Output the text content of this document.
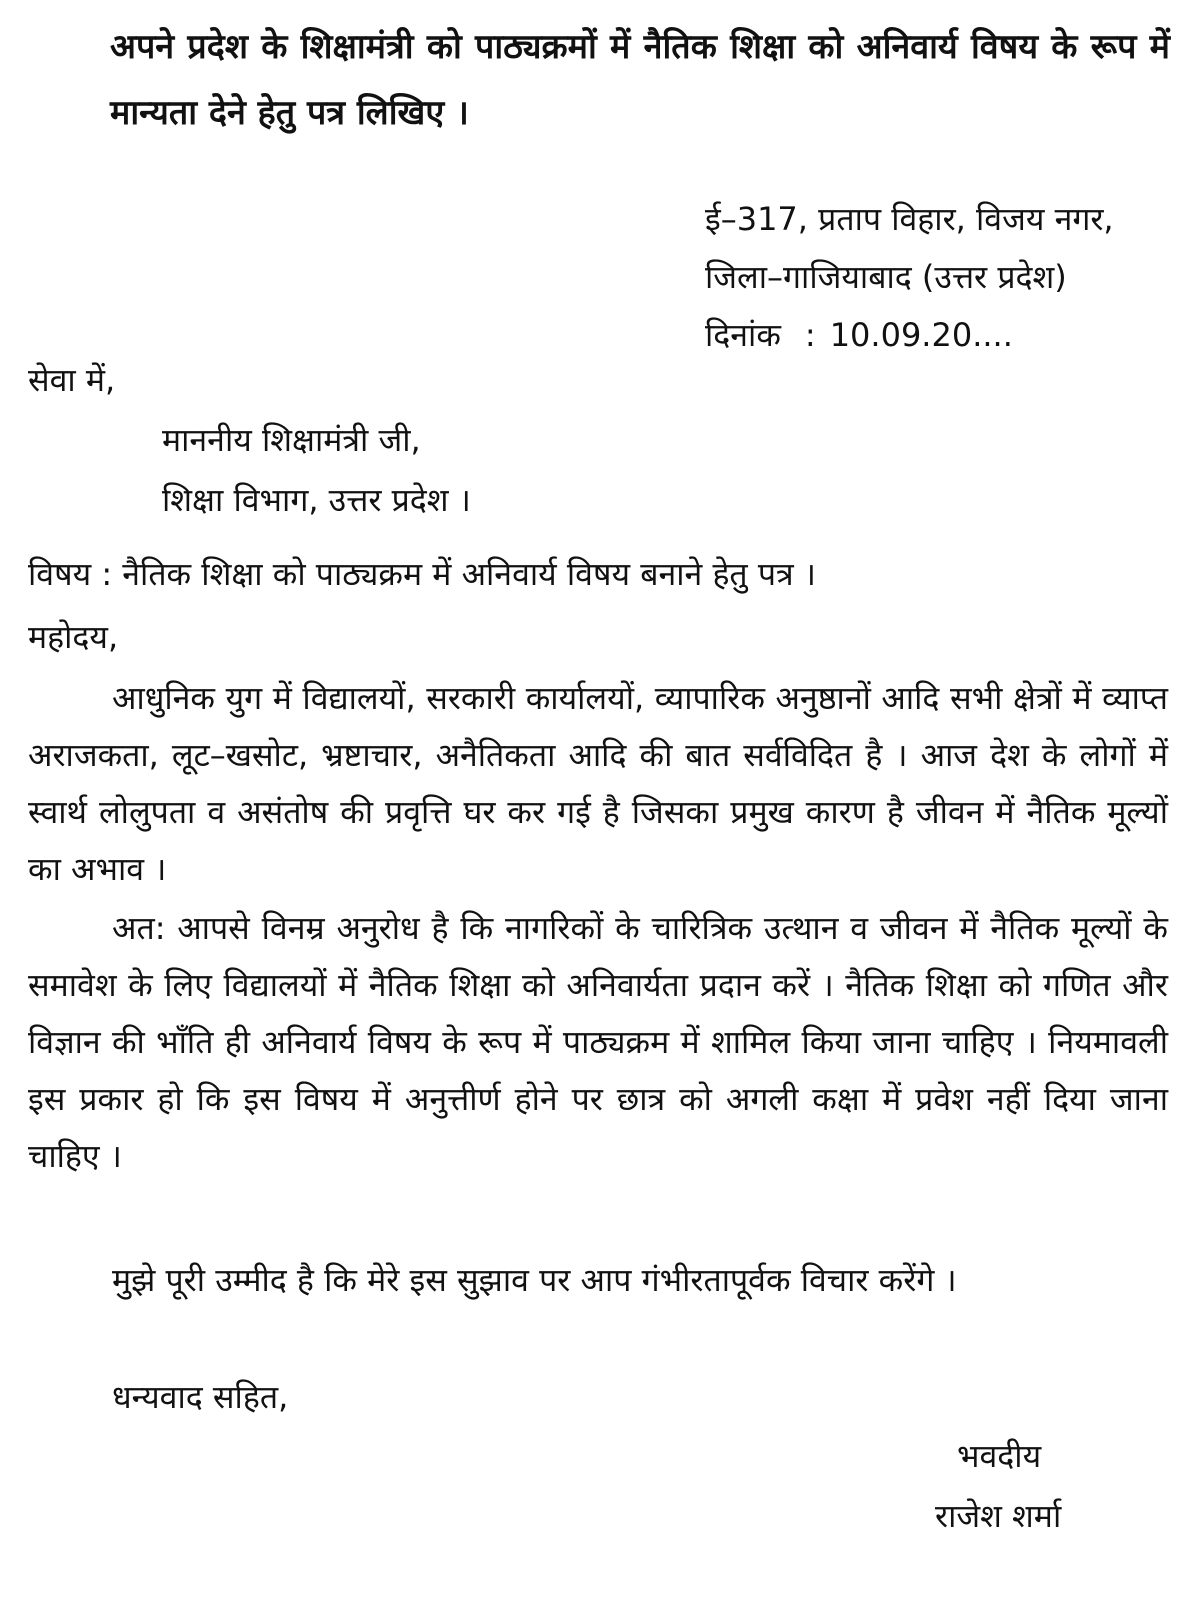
अपने प्रदेश के शिक्षामंत्री को पाठ्यक्रमों में नैतिक शिक्षा को अनिवार्य विषय के रूप में मान्यता देने हेतु पत्र लिखिए ।
ई–317, प्रताप विहार, विजय नगर,
जिला–गाजियाबाद (उत्तर प्रदेश)
दिनांक : 10.09.20....
सेवा में,
माननीय शिक्षामंत्री जी,
शिक्षा विभाग, उत्तर प्रदेश ।
विषय : नैतिक शिक्षा को पाठ्यक्रम में अनिवार्य विषय बनाने हेतु पत्र ।
महोदय,

आधुनिक युग में विद्यालयों, सरकारी कार्यालयों, व्यापारिक अनुष्ठानों आदि सभी क्षेत्रों में व्याप्त अराजकता, लूट–खसोट, भ्रष्टाचार, अनैतिकता आदि की बात सर्वविदित है । आज देश के लोगों में स्वार्थ लोलुपता व असंतोष की प्रवृत्ति घर कर गई है जिसका प्रमुख कारण है जीवन में नैतिक मूल्यों का अभाव ।

अत: आपसे विनम्र अनुरोध है कि नागरिकों के चारित्रिक उत्थान व जीवन में नैतिक मूल्यों के समावेश के लिए विद्यालयों में नैतिक शिक्षा को अनिवार्यता प्रदान करें । नैतिक शिक्षा को गणित और विज्ञान की भाँति ही अनिवार्य विषय के रूप में पाठ्यक्रम में शामिल किया जाना चाहिए । नियमावली इस प्रकार हो कि इस विषय में अनुत्तीर्ण होने पर छात्र को अगली कक्षा में प्रवेश नहीं दिया जाना चाहिए ।

मुझे पूरी उम्मीद है कि मेरे इस सुझाव पर आप गंभीरतापूर्वक विचार करेंगे ।

धन्यवाद सहित,
भवदीय
राजेश शर्मा
